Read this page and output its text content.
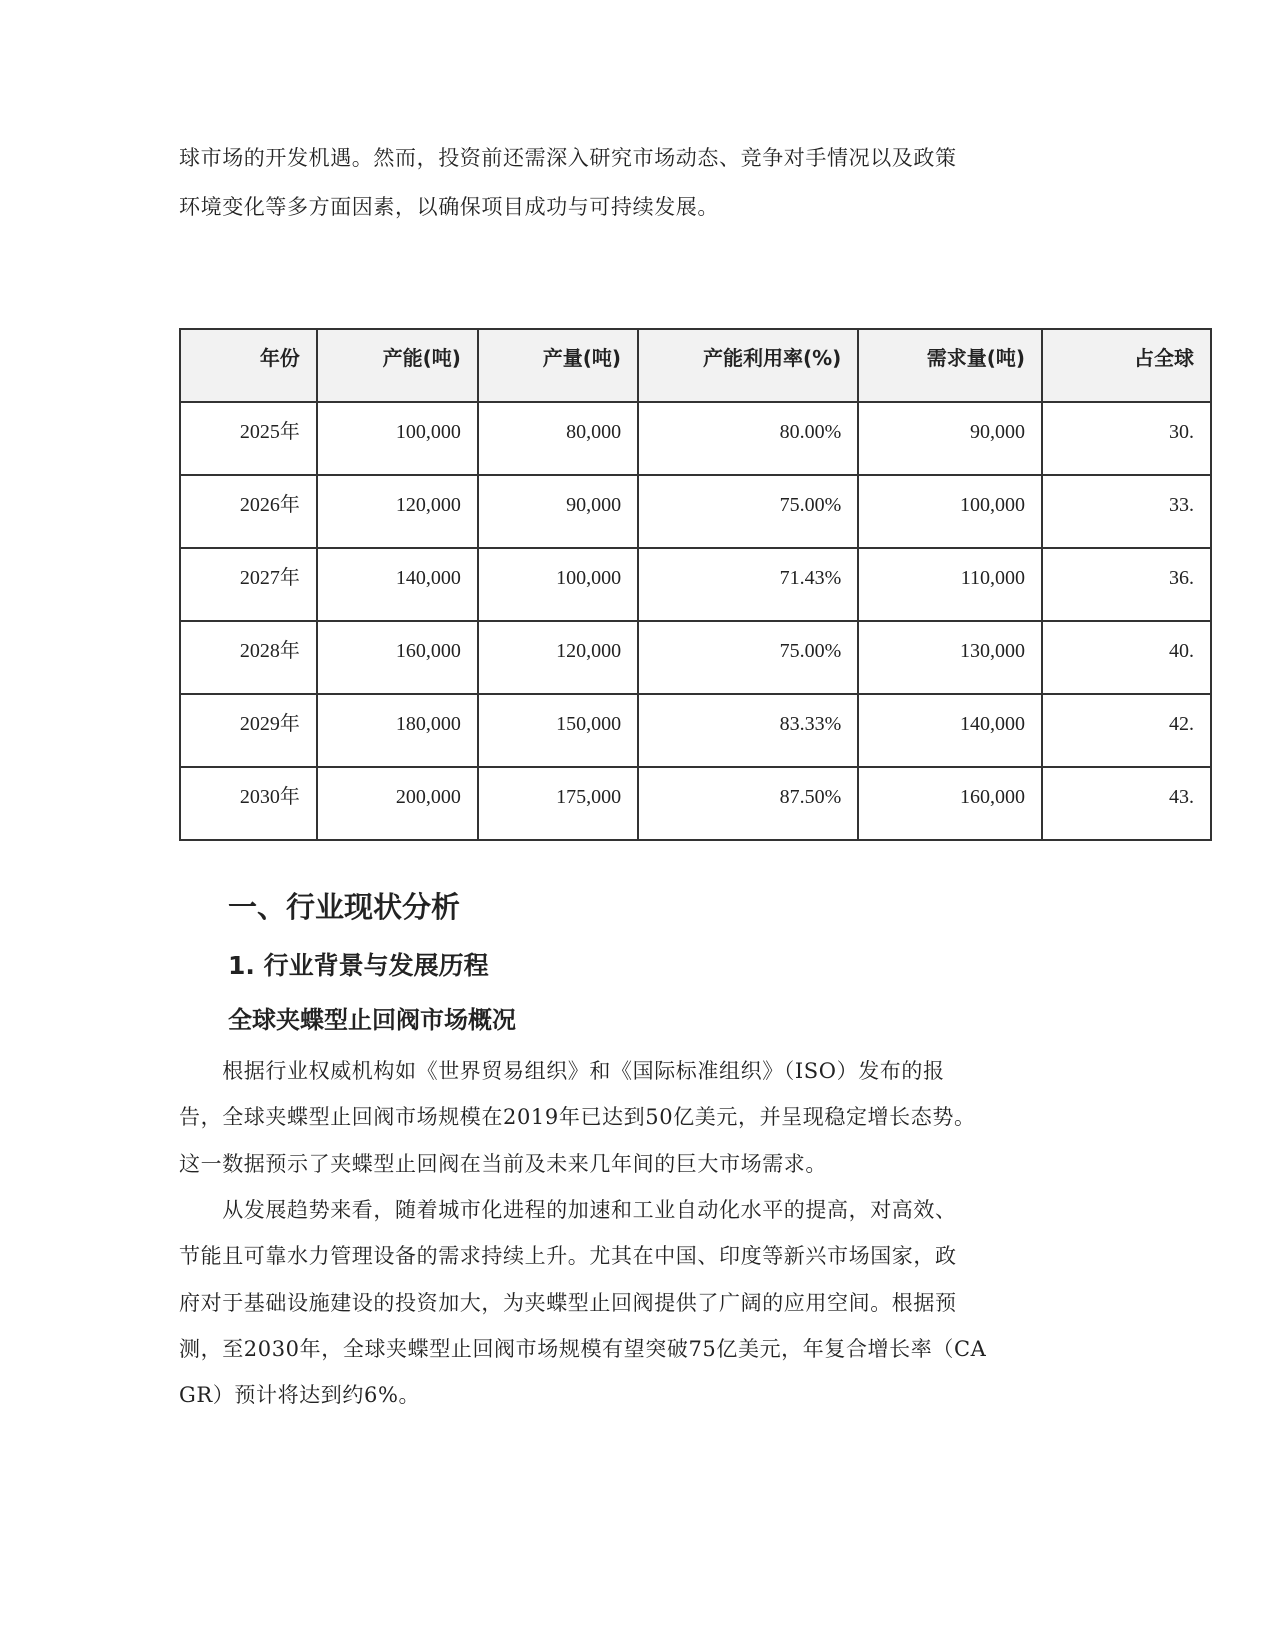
球市场的开发机遇。然而，投资前还需深入研究市场动态、竞争对手情况以及政策
环境变化等多方面因素，以确保项目成功与可持续发展。
年份	产能(吨)	产量(吨)	产能利用率(%)	需求量(吨)	占全球
2025年	100,000	80,000	80.00%	90,000	30.
2026年	120,000	90,000	75.00%	100,000	33.
2027年	140,000	100,000	71.43%	110,000	36.
2028年	160,000	120,000	75.00%	130,000	40.
2029年	180,000	150,000	83.33%	140,000	42.
2030年	200,000	175,000	87.50%	160,000	43.
一、行业现状分析
1. 行业背景与发展历程
全球夹蝶型止回阀市场概况
　　根据行业权威机构如《世界贸易组织》和《国际标准组织》（ISO）发布的报
告，全球夹蝶型止回阀市场规模在2019年已达到50亿美元，并呈现稳定增长态势。
这一数据预示了夹蝶型止回阀在当前及未来几年间的巨大市场需求。
　　从发展趋势来看，随着城市化进程的加速和工业自动化水平的提高，对高效、
节能且可靠水力管理设备的需求持续上升。尤其在中国、印度等新兴市场国家，政
府对于基础设施建设的投资加大，为夹蝶型止回阀提供了广阔的应用空间。根据预
测，至2030年，全球夹蝶型止回阀市场规模有望突破75亿美元，年复合增长率（CA
GR）预计将达到约6%。
